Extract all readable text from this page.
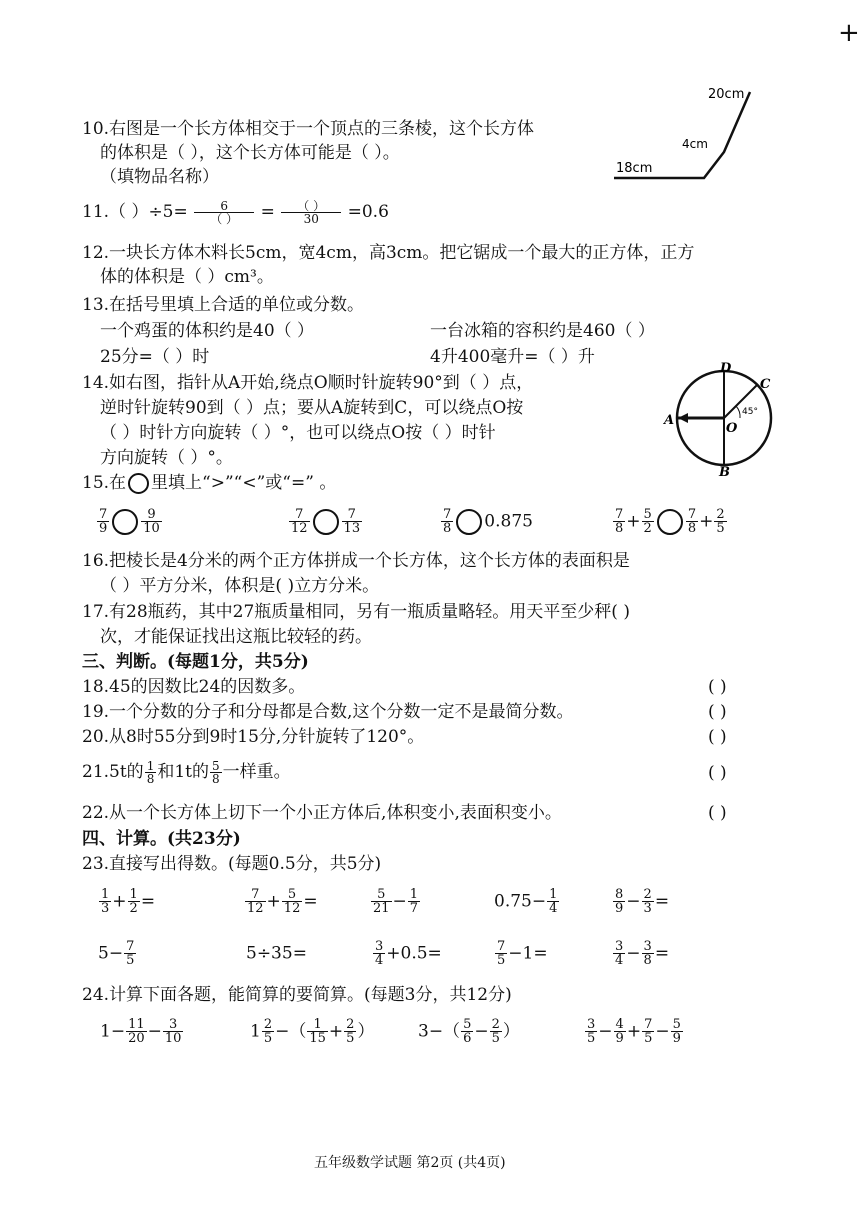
+
10.右图是一个长方体相交于一个顶点的三条棱，这个长方体
的体积是（ ），这个长方体可能是（ ）。
（填物品名称）
20cm
4cm
18cm
11.（ ）÷5=	6
（ ）	= （ ）
30	=0.6
12.一块长方体木料长5cm，宽4cm，高3cm。把它锯成一个最大的正方体，正方
体的体积是（ ）cm³。
13.在括号里填上合适的单位或分数。
一个鸡蛋的体积约是40（ ）	一台冰箱的容积约是460（ ）
25分=（ ）时	4升400毫升=（ ）升
14.如右图，指针从A开始,绕点O顺时针旋转90°到（ ）点，
逆时针旋转90到（ ）点；要从A旋转到C，可以绕点O按
（ ）时针方向旋转（ ）°，也可以绕点O按（ ）时针
方向旋转（ ）°。
D
C
A
O
B
45°
15.在 里填上“>”“<”或“=” 。
$\frac{7}{9} \frac{9}{10}$	$\frac{7}{12} \frac{7}{13}$	$\frac{7}{8} 0.875$	$\frac{7}{8} + \frac{5}{2} \frac{7}{8} + \frac{2}{5}$
16.把棱长是4分米的两个正方体拼成一个长方体，这个长方体的表面积是
（ ）平方分米，体积是( )立方分米。
17.有28瓶药，其中27瓶质量相同，另有一瓶质量略轻。用天平至少秤( )
次，才能保证找出这瓶比较轻的药。
三、判断。(每题1分，共5分)
18.45的因数比24的因数多。	( )
19.一个分数的分子和分母都是合数,这个分数一定不是最简分数。	( )
20.从8时55分到9时15分,分针旋转了120°。	( )
21.5t的 $\frac{1}{8}$ 和1t的 $\frac{5}{8}$ 一样重。	( )
22.从一个长方体上切下一个小正方体后,体积变小,表面积变小。	( )
四、计算。(共23分)
23.直接写出得数。(每题0.5分，共5分)
$\frac{1}{3} + \frac{1}{2}$ =	$\frac{7}{12} + \frac{5}{12}$ =	$\frac{5}{21} - \frac{1}{7}$	$0.75- \frac{1}{4}$	$\frac{8}{9} - \frac{2}{3}$ =
$5- \frac{7}{5}$	5÷35=	$\frac{3}{4} +0.5=$	$\frac{7}{5} -1=$	$\frac{3}{4} - \frac{3}{8}$ =
24.计算下面各题，能简算的要简算。(每题3分，共12分)
$1- \frac{11}{20} - \frac{3}{10}$	$1 \frac{2}{5}$ −（ $\frac{1}{15} + \frac{2}{5}$ ）	$3-( \frac{5}{6} - \frac{2}{5}$ ）	$\frac{3}{5} - \frac{4}{9} + \frac{7}{5} - \frac{5}{9}$
五年级数学试题 第2页 (共4页)
